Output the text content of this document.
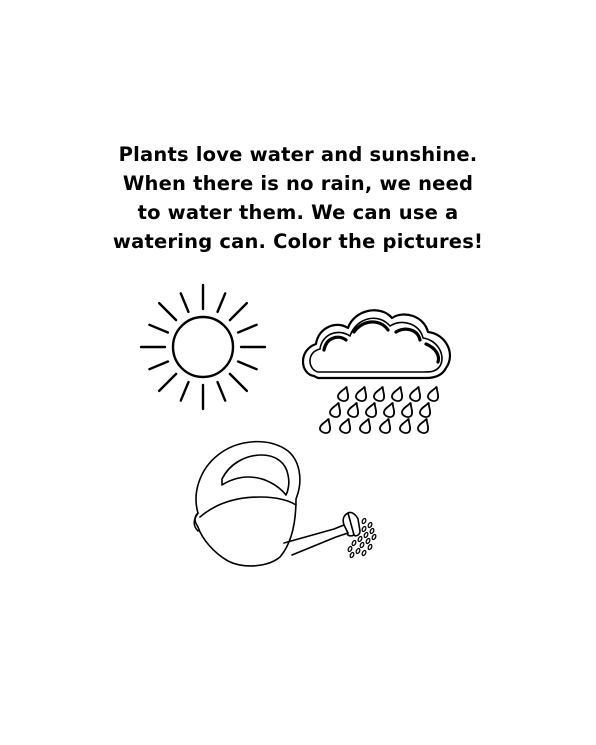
Plants love water and sunshine.
When there is no rain, we need
to water them. We can use a
watering can. Color the pictures!
